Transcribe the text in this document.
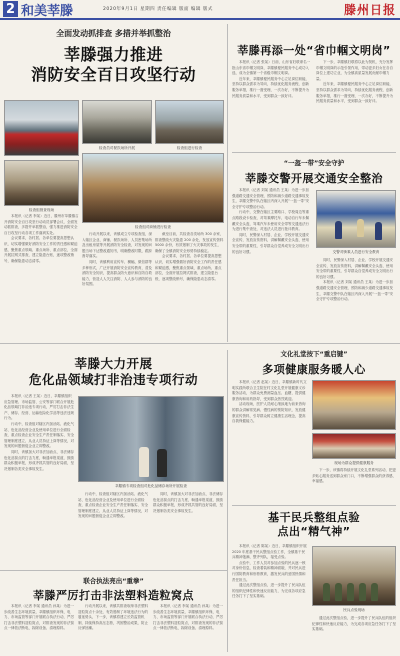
2 和美莘滕	2020年9月1日 星期四 责任编辑 版面 编辑 版式	滕州日报
全面发动抓排查 多措并举抓整治
莘滕强力推进
消防安全百日攻坚行动
检查员对餐饮场所开展	检查组进行检查
检查组督查现场
检查组对商铺进行检查

本报讯（记者 李某）近日，滕州市莘滕镇召开消防安全百日攻坚行动动员部署会议，全面发动抓排查，多措并举抓整治，强力推进消防安全百日攻坚行动各项工作落到实处。

会议要求，各村居、各单位要提高思想认识，切实增强做好消防安全工作的责任感和紧迫感，聚焦重点领域、重点场所、重点部位，全面开展拉网式排查，建立隐患台账，逐项整改销号，确保隐患动态清零。

行动开展以来，该镇成立专项检查组，深入辖区企业、商铺、餐饮场所、人员密集场所及出租房屋等开展消防安全检查，对发现的问题当场下达整改通知书，明确整改时限，跟踪督导落实。

同时，该镇利用宣传车、横幅、微信群等多种形式，广泛开展消防安全宣传教育，普及消防安全知识，提高群众防火意识和自防自救能力，营造人人关注消防、人人参与消防的良好氛围。

截至目前，共检查各类场所 300 余家，排查整改火灾隐患 200 余处，发放宣传资料 5000 余份，有效遏制了火灾事故的发生，确保了全镇消防安全形势持续稳定。

会议要求，各村居、各单位要提高思想认识，切实增强做好消防安全工作的责任感和紧迫感，聚焦重点领域、重点场所、重点部位，全面开展拉网式排查，建立隐患台账，逐项整改销号，确保隐患动态清零。

莘滕再添一处“省巾帼文明岗”

本报讯（记者 张某）日前，山东省妇联命名一批山东省巾帼文明岗，莘滕镇便民服务中心成功入选，成为全镇第一个省级巾帼文明岗。

近年来，莘滕镇便民服务中心立足岗位职能，坚持以群众需求为导向，持续优化服务流程，创新服务举措，推行一窗受理、一次办好，不断提升为民服务质量和水平，受到群众一致好评。

下一步，莘滕镇妇联将以此为契机，充分发挥巾帼文明岗的示范引领作用，带动更多妇女在各自岗位上建功立业，为全镇高质量发展贡献巾帼力量。

近年来，莘滕镇便民服务中心立足岗位职能，坚持以群众需求为导向，持续优化服务流程，创新服务举措，推行一窗受理、一次办好，不断提升为民服务质量和水平，受到群众一致好评。

“一盔一带”安全守护
莘滕交警开展交通安全整治

本报讯（记者 刘某 通讯员 王某）为进一步加强道路交通安全管理，预防和减少道路交通事故发生，莘滕交警中队在辖区内深入开展“一盔一带”安全守护专项整治行动。

行动中，交警在辖区主要路口、学校周边等重点路段设卡检查，对驾乘摩托车、电动自行车未佩戴安全头盔，驾乘汽车未使用安全带等交通违法行为进行集中查处，对违法人员进行批评教育。

同时，民警深入村居、企业、学校开展交通安全宣传，发放宣传资料，讲解佩戴安全头盔、使用安全带的重要性，引导群众自觉养成安全文明出行的良好习惯。	交警对骑乘人员进行安全教育

同时，民警深入村居、企业、学校开展交通安全宣传，发放宣传资料，讲解佩戴安全头盔、使用安全带的重要性，引导群众自觉养成安全文明出行的良好习惯。

本报讯（记者 刘某 通讯员 王某）为进一步加强道路交通安全管理，预防和减少道路交通事故发生，莘滕交警中队在辖区内深入开展“一盔一带”安全守护专项整治行动。

莘滕大力开展
危化品领域打非治违专项行动

本报讯（记者 王某）近日，莘滕镇组织应急管理、市场监管、公安等部门联合开展危化品领域打非治违专项行动，严厉打击非法生产、储存、经营、运输危险化学品等违法违规行为。

行动中，检查组对辖区内加油站、液化气站、危化品经营企业及使用单位进行全面检查，重点检查企业安全生产责任制落实、安全管理制度建立、从业人员持证上岗等情况，对发现的问题督促企业立即整改。

同时，该镇加大对非法加油点、非法储存危化品窝点的打击力度，畅通举报渠道，鼓励群众积极举报，形成齐抓共管的良好局面，坚决遏制各类安全事故发生。

莘滕镇专项检查组对危化品储存场所开展检查

行动中，检查组对辖区内加油站、液化气站、危化品经营企业及使用单位进行全面检查，重点检查企业安全生产责任制落实、安全管理制度建立、从业人员持证上岗等情况，对发现的问题督促企业立即整改。

同时，该镇加大对非法加油点、非法储存危化品窝点的打击力度，畅通举报渠道，鼓励群众积极举报，形成齐抓共管的良好局面，坚决遏制各类安全事故发生。

联合执法亮出“重拳”
莘滕严厉打击非法塑料造粒窝点

本报讯（记者 李某 通讯员 孙某）为进一步改善生态环境质量，莘滕镇组织环保、电力、市场监管等部门开展联合执法行动，严厉打击非法塑料造粒窝点，对排查发现的非法窝点一律依法断电、拆除设备、清理原料。

行动开展以来，该镇共排查取缔非法塑料造粒窝点十余处，有效遏制了环境违法行为的蔓延势头，下一步，该镇将建立长效监管机制，持续保持高压态势，巩固整治成果，防止反弹回潮。

本报讯（记者 李某 通讯员 孙某）为进一步改善生态环境质量，莘滕镇组织环保、电力、市场监管等部门开展联合执法行动，严厉打击非法塑料造粒窝点，对排查发现的非法窝点一律依法断电、拆除设备、清理原料。

文化礼堂按下“重启键”
多项健康服务暖人心

本报讯（记者 赵某）近日，莘滕镇新时代文明实践所联合卫生院在村文化礼堂开展健康义诊服务活动，为群众免费测量血压、血糖，提供健康咨询和用药指导，受到群众热烈欢迎。

活动现场，医护人员耐心细致地为前来咨询的群众讲解常见病、慢性病的预防知识，发放健康宣传资料，引导群众树立健康生活理念，提高自我保健能力。

现场为群众提供健康服务

下一步，该镇将持续开展文化礼堂系列活动，把更多贴心服务送到群众家门口，不断增强群众的获得感、幸福感。

基干民兵整组点验
点出“精气神”

本报讯（记者 陈某）近日，莘滕镇组织开展 2020 年度基干民兵整组点验工作，全镇基干民兵精神饱满、整齐列队，接受点验。

点验中，工作人员对参加点验的民兵逐一核对身份信息，检查着装和精神面貌，并对民兵进行国防教育和形势教育，激发民兵的爱国热情和责任担当。

通过此次整组点验，进一步提升了民兵队伍的组织纪律性和快速反应能力，为完成各项应急任务打下了坚实基础。

民兵点验现场

通过此次整组点验，进一步提升了民兵队伍的组织纪律性和快速反应能力，为完成各项应急任务打下了坚实基础。
